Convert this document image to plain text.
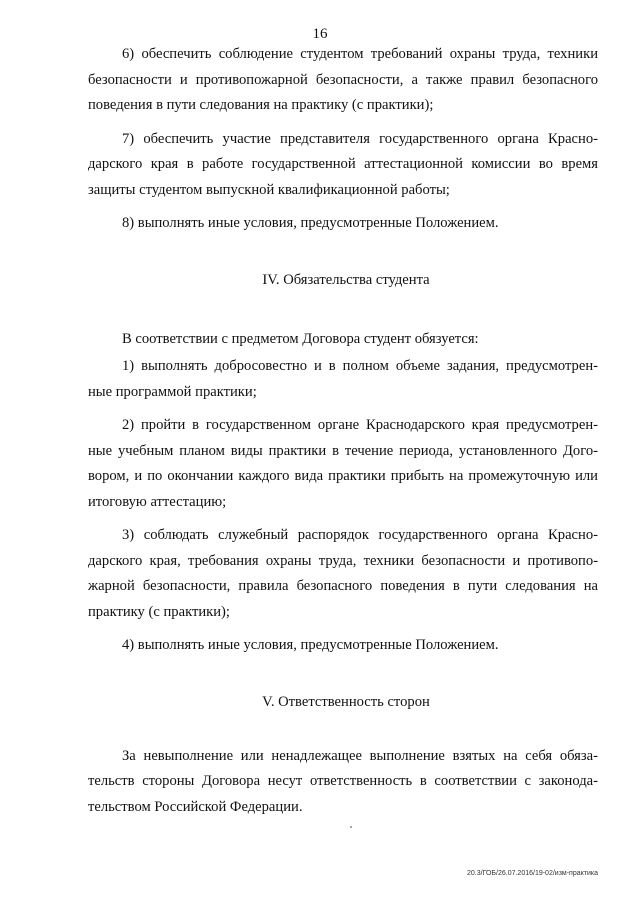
16
6) обеспечить соблюдение студентом требований охраны труда, техники
безопасности и противопожарной безопасности, а также правил безопасного
поведения в пути следования на практику (с практики);
7) обеспечить участие представителя государственного органа Красно-
дарского края в работе государственной аттестационной комиссии во время
защиты студентом выпускной квалификационной работы;
8) выполнять иные условия, предусмотренные Положением.
IV. Обязательства студента
В соответствии с предметом Договора студент обязуется:
1) выполнять добросовестно и в полном объеме задания, предусмотрен-
ные программой практики;
2) пройти в государственном органе Краснодарского края предусмотрен-
ные учебным планом виды практики в течение периода, установленного Дого-
вором, и по окончании каждого вида практики прибыть на промежуточную или
итоговую аттестацию;
3) соблюдать служебный распорядок государственного органа Красно-
дарского края, требования охраны труда, техники безопасности и противопо-
жарной безопасности, правила безопасного поведения в пути следования на
практику (с практики);
4) выполнять иные условия, предусмотренные Положением.
V. Ответственность сторон
За невыполнение или ненадлежащее выполнение взятых на себя обяза-
тельств стороны Договора несут ответственность в соответствии с законода-
тельством Российской Федерации.
20.3/ГОБ/26.07.2016/19-02/изм-практика
